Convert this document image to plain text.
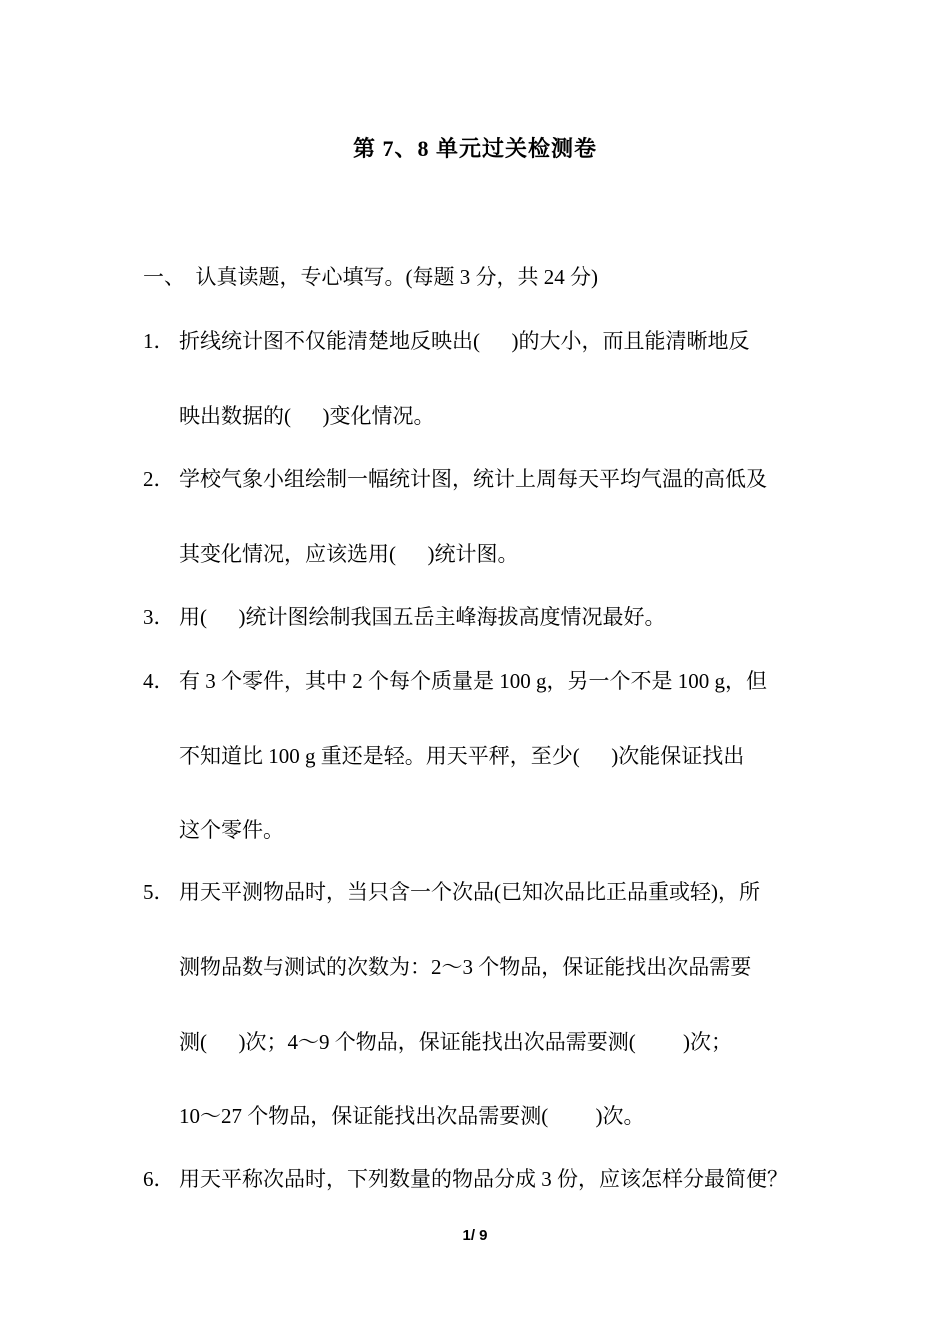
第 7、8 单元过关检测卷
一、  认真读题，专心填写。(每题 3 分，共 24 分)
1． 折线统计图不仅能清楚地反映出(      )的大小，而且能清晰地反
映出数据的(      )变化情况。
2． 学校气象小组绘制一幅统计图，统计上周每天平均气温的高低及
其变化情况，应该选用(      )统计图。
3． 用(      )统计图绘制我国五岳主峰海拔高度情况最好。
4． 有 3 个零件，其中 2 个每个质量是 100 g，另一个不是 100 g，但
不知道比 100 g 重还是轻。用天平秤，至少(      )次能保证找出
这个零件。
5． 用天平测物品时，当只含一个次品(已知次品比正品重或轻)，所
测物品数与测试的次数为：2～3 个物品，保证能找出次品需要
测(      )次；4～9 个物品，保证能找出次品需要测(         )次；
10～27 个物品，保证能找出次品需要测(         )次。
6． 用天平称次品时，下列数量的物品分成 3 份，应该怎样分最简便？
1/ 9
